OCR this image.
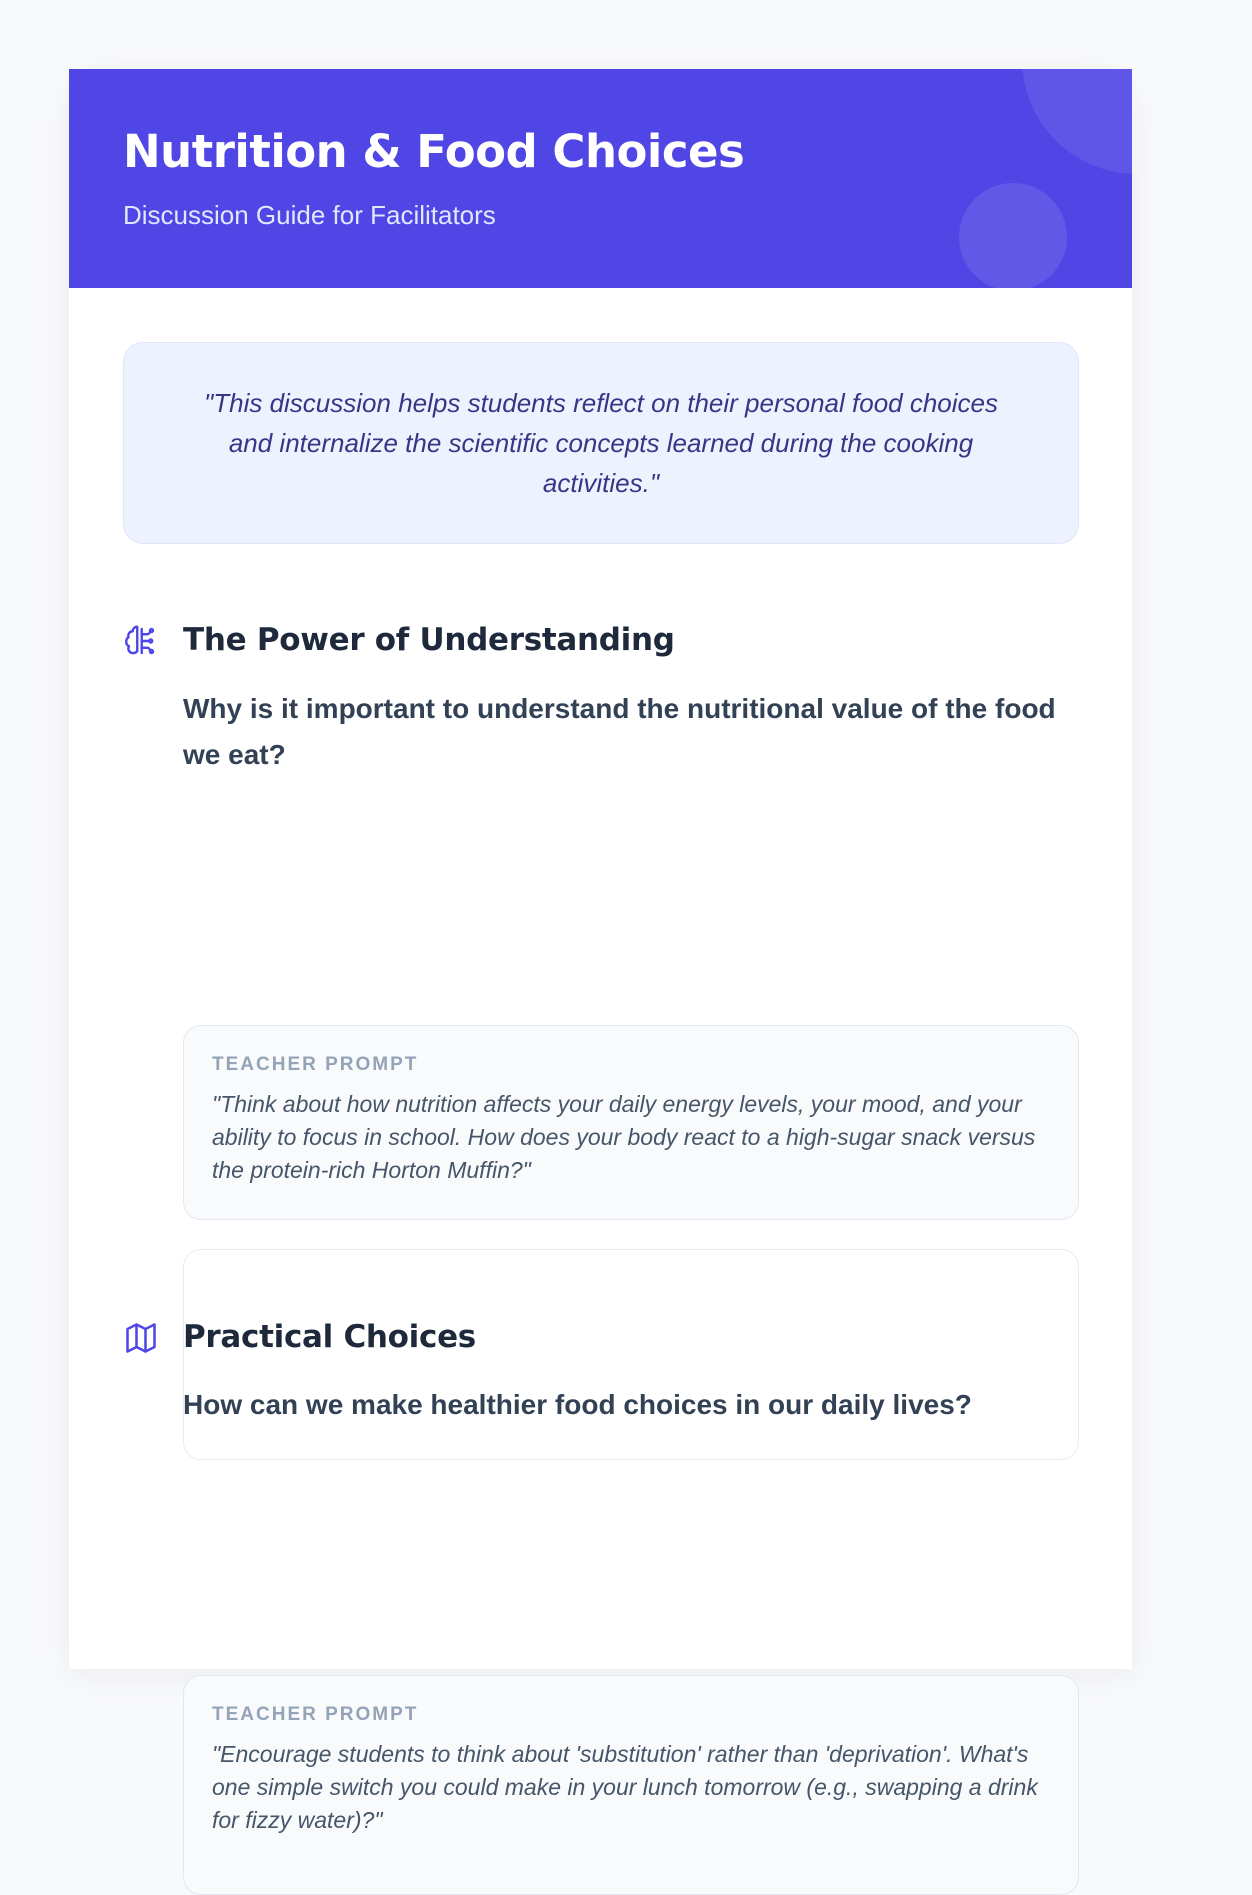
Nutrition & Food Choices
Discussion Guide for Facilitators

"This discussion helps students reflect on their personal food choices and internalize the scientific concepts learned during the cooking activities."

The Power of Understanding

Why is it important to understand the nutritional value of the food we eat?

TEACHER PROMPT

"Think about how nutrition affects your daily energy levels, your mood, and your ability to focus in school. How does your body react to a high-sugar snack versus the protein-rich Horton Muffin?"

Practical Choices

How can we make healthier food choices in our daily lives?

TEACHER PROMPT

"Encourage students to think about 'substitution' rather than 'deprivation'. What's one simple switch you could make in your lunch tomorrow (e.g., swapping a drink for fizzy water)?"
